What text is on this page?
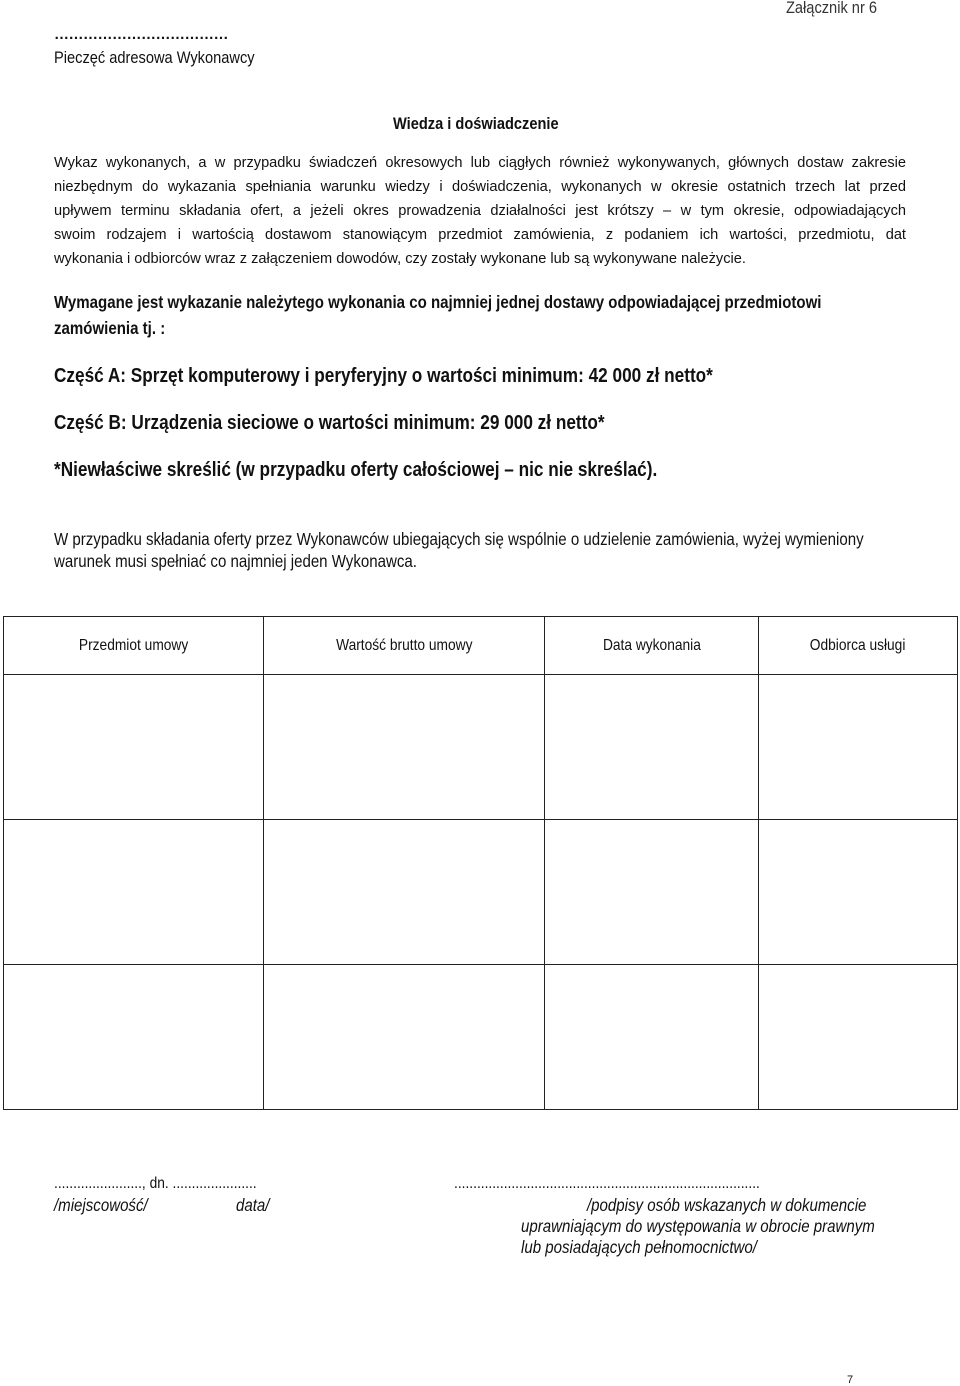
Załącznik nr 6
………………………………
Pieczęć adresowa Wykonawcy
Wiedza i doświadczenie
Wykaz wykonanych, a w przypadku świadczeń okresowych lub ciągłych również wykonywanych, głównych dostaw zakresie
niezbędnym do wykazania spełniania warunku wiedzy i doświadczenia, wykonanych w okresie ostatnich trzech lat przed
upływem terminu składania ofert, a jeżeli okres prowadzenia działalności jest krótszy – w tym okresie, odpowiadających
swoim rodzajem i wartością dostawom stanowiącym przedmiot zamówienia, z podaniem ich wartości, przedmiotu, dat
wykonania i odbiorców wraz z załączeniem dowodów, czy zostały wykonane lub są wykonywane należycie.
Wymagane jest wykazanie należytego wykonania co najmniej jednej dostawy odpowiadającej przedmiotowi
zamówienia tj. :
Część A: Sprzęt komputerowy i peryferyjny o wartości minimum: 42 000 zł netto*
Część B: Urządzenia sieciowe o wartości minimum: 29 000 zł netto*
*Niewłaściwe skreślić (w przypadku oferty całościowej – nic nie skreślać).
W przypadku składania oferty przez Wykonawców ubiegających się wspólnie o udzielenie zamówienia, wyżej wymieniony
warunek musi spełniać co najmniej jeden Wykonawca.
Przedmiot umowy	Wartość brutto umowy	Data wykonania	Odbiorca usługi

......................., dn. ......................	................................................................................
/miejscowość/	data/	/podpisy osób wskazanych w dokumencie
uprawniającym do występowania w obrocie prawnym
lub posiadających pełnomocnictwo/
7
